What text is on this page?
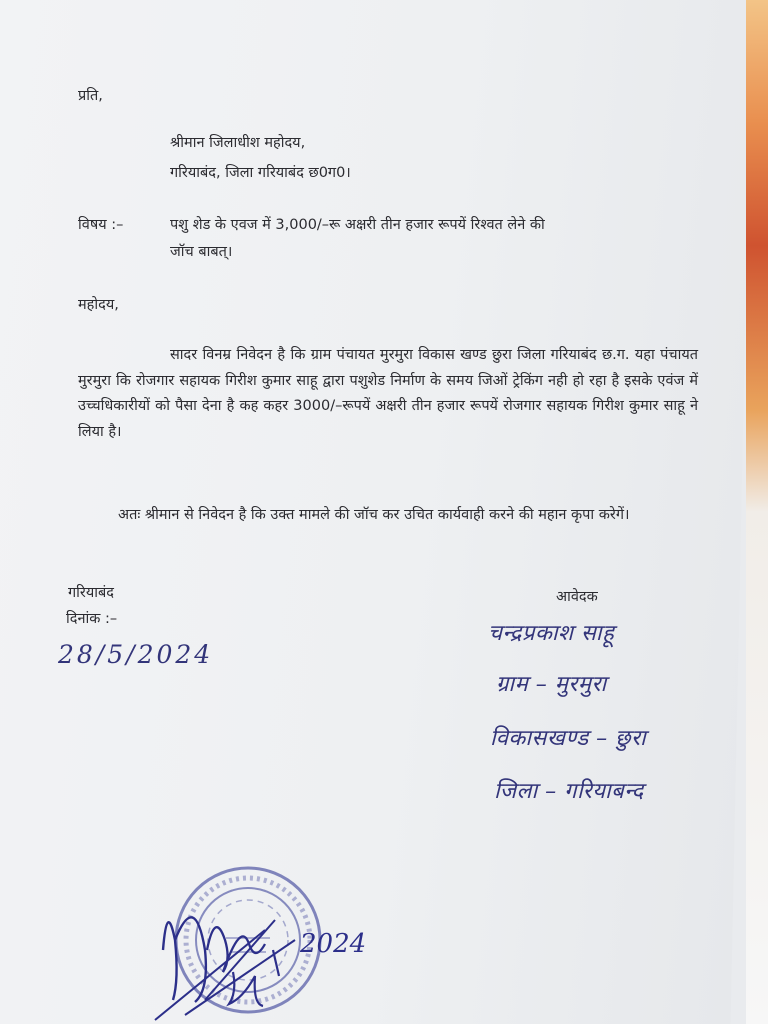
प्रति,
श्रीमान जिलाधीश महोदय,
गरियाबंद, जिला गरियाबंद छ0ग0।
विषय :–	पशु शेड के एवज में 3,000/–रू अक्षरी तीन हजार रूपयें रिश्वत लेने की
जॉच बाबत्।
महोदय,
सादर विनम्र निवेदन है कि ग्राम पंचायत मुरमुरा विकास खण्ड छुरा जिला गरियाबंद छ.ग. यहा पंचायत मुरमुरा कि रोजगार सहायक गिरीश कुमार साहू द्वारा पशुशेड निर्माण के समय जिओं ट्रेकिंग नही हो रहा है इसके एवंज में उच्चधिकारीयों को पैसा देना है कह कहर 3000/–रूपयें अक्षरी तीन हजार रूपयें रोजगार सहायक गिरीश कुमार साहू ने लिया है।
अतः श्रीमान से निवेदन है कि उक्त मामले की जॉच कर उचित कार्यवाही करने की महान कृपा करेगें।
गरियाबंद
दिनांक :–
28/5/2024
आवेदक
चन्द्रप्रकाश साहू
ग्राम – मुरमुरा
विकासखण्ड – छुरा
जिला – गरियाबन्द
2024
